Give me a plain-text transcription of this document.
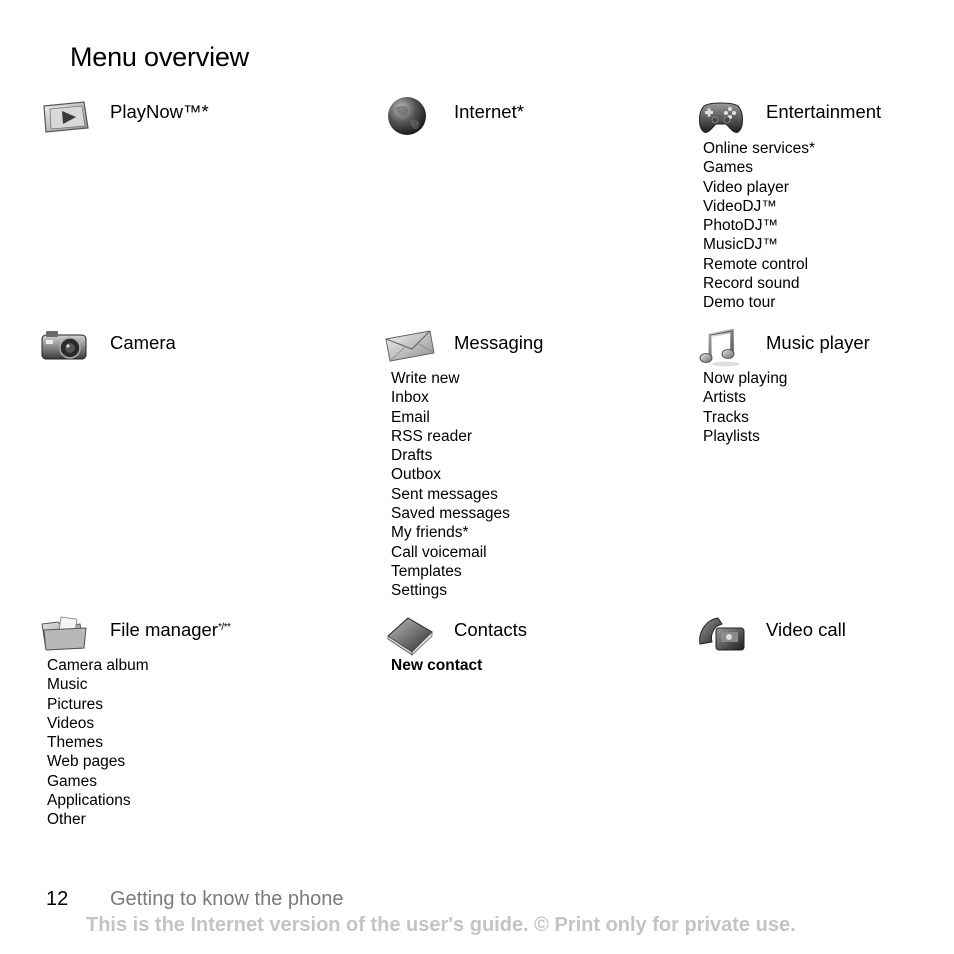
Menu overview
PlayNow™*	Internet*	Entertainment
Online services*
Games
Video player
VideoDJ™
PhotoDJ™
MusicDJ™
Remote control
Record sound
Demo tour
Camera	Messaging
Write new
Inbox
Email
RSS reader
Drafts
Outbox
Sent messages
Saved messages
My friends*
Call voicemail
Templates
Settings
Music player
Now playing
Artists
Tracks
Playlists
File manager*/**
Camera album
Music
Pictures
Videos
Themes
Web pages
Games
Applications
Other
Contacts
New contact
Video call
12 Getting to know the phone
This is the Internet version of the user's guide. © Print only for private use.
